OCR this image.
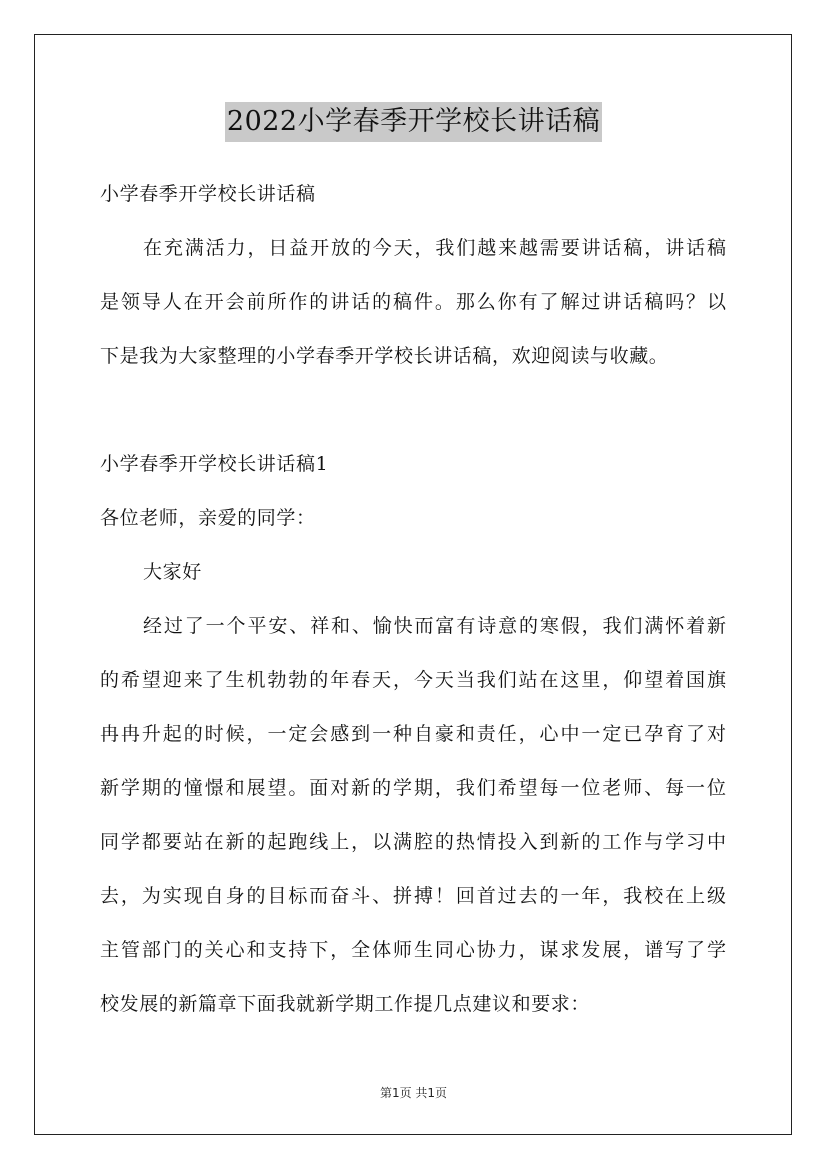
2022小学春季开学校长讲话稿
小学春季开学校长讲话稿
在充满活力，日益开放的今天，我们越来越需要讲话稿，讲话稿
是领导人在开会前所作的讲话的稿件。那么你有了解过讲话稿吗？以
下是我为大家整理的小学春季开学校长讲话稿，欢迎阅读与收藏。
小学春季开学校长讲话稿1
各位老师，亲爱的同学：
大家好
经过了一个平安、祥和、愉快而富有诗意的寒假，我们满怀着新
的希望迎来了生机勃勃的年春天，今天当我们站在这里，仰望着国旗
冉冉升起的时候，一定会感到一种自豪和责任，心中一定已孕育了对
新学期的憧憬和展望。面对新的学期，我们希望每一位老师、每一位
同学都要站在新的起跑线上，以满腔的热情投入到新的工作与学习中
去，为实现自身的目标而奋斗、拼搏！回首过去的一年，我校在上级
主管部门的关心和支持下，全体师生同心协力，谋求发展，谱写了学
校发展的新篇章下面我就新学期工作提几点建议和要求：
第1页 共1页
